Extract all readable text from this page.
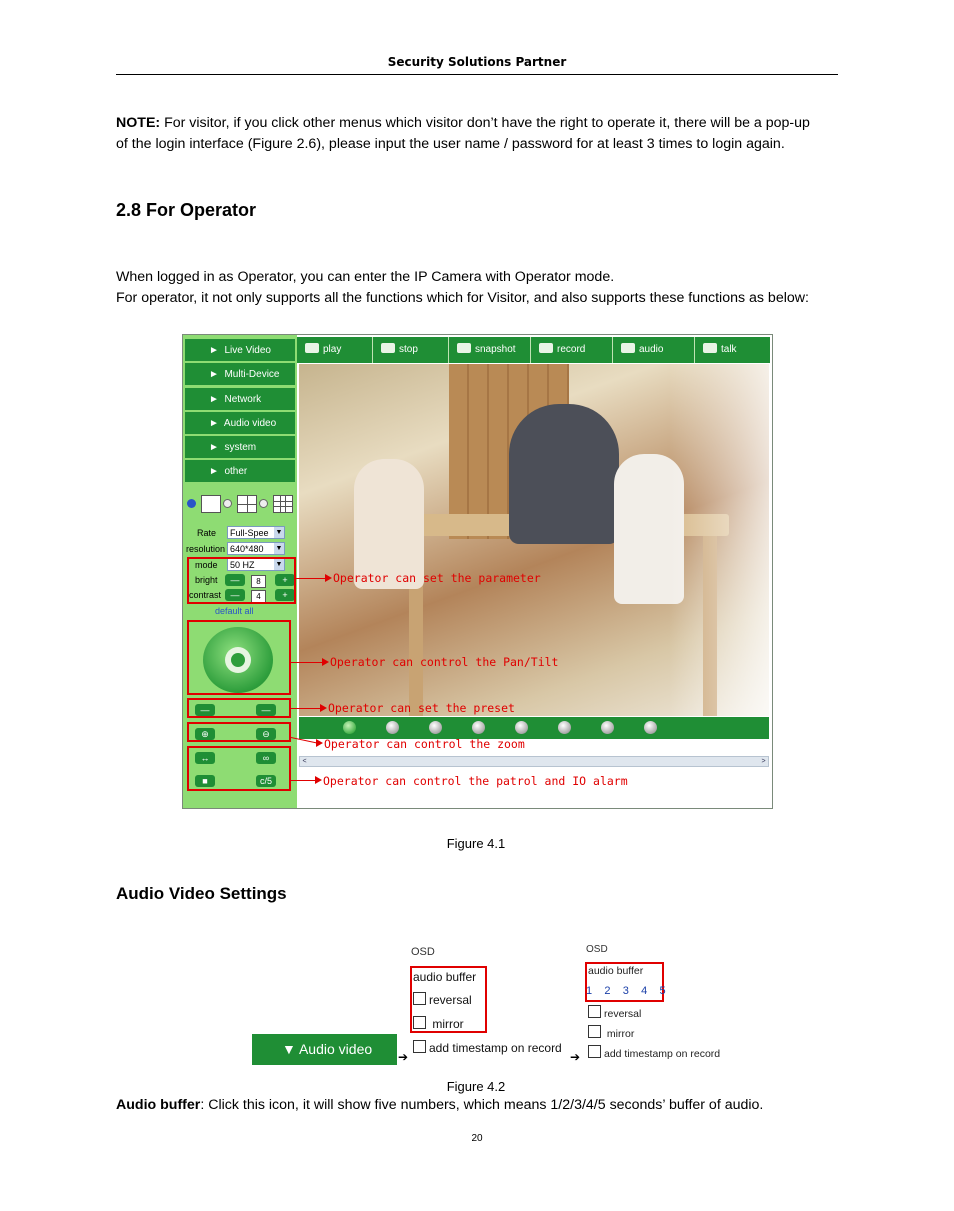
Security Solutions Partner
NOTE: For visitor, if you click other menus which visitor don’t have the right to operate it, there will be a pop-up
of the login interface (Figure 2.6), please input the user name / password for at least 3 times to login again.
2.8 For Operator
When logged in as Operator, you can enter the IP Camera with Operator mode.
For operator, it not only supports all the functions which for Visitor, and also supports these functions as below:
►  Live Video
►  Multi-Device
►  Network
►  Audio video
►  system
►  other
Rate	Full-Spee ▼
resolution 640*480 ▼
mode	50 HZ	▼
bright	—	8	+
contrast	—	4	+
default all
—	—
⊕	⊖
↔	∞
■	c/5
play	stop	snapshot	record	audio	talk
<	>
Operator can set the parameter
Operator can control the Pan/Tilt
Operator can set the preset
Operator can control the zoom
Operator can control the patrol and IO alarm
Figure 4.1
Audio Video Settings
▼ Audio video
OSD
audio buffer
reversal
mirror
add timestamp on record
➔	➔
OSD
audio buffer
1 2 3 4 5
reversal
mirror
add timestamp on record
Figure 4.2
Audio buffer: Click this icon, it will show five numbers, which means 1/2/3/4/5 seconds’ buffer of audio.
20
